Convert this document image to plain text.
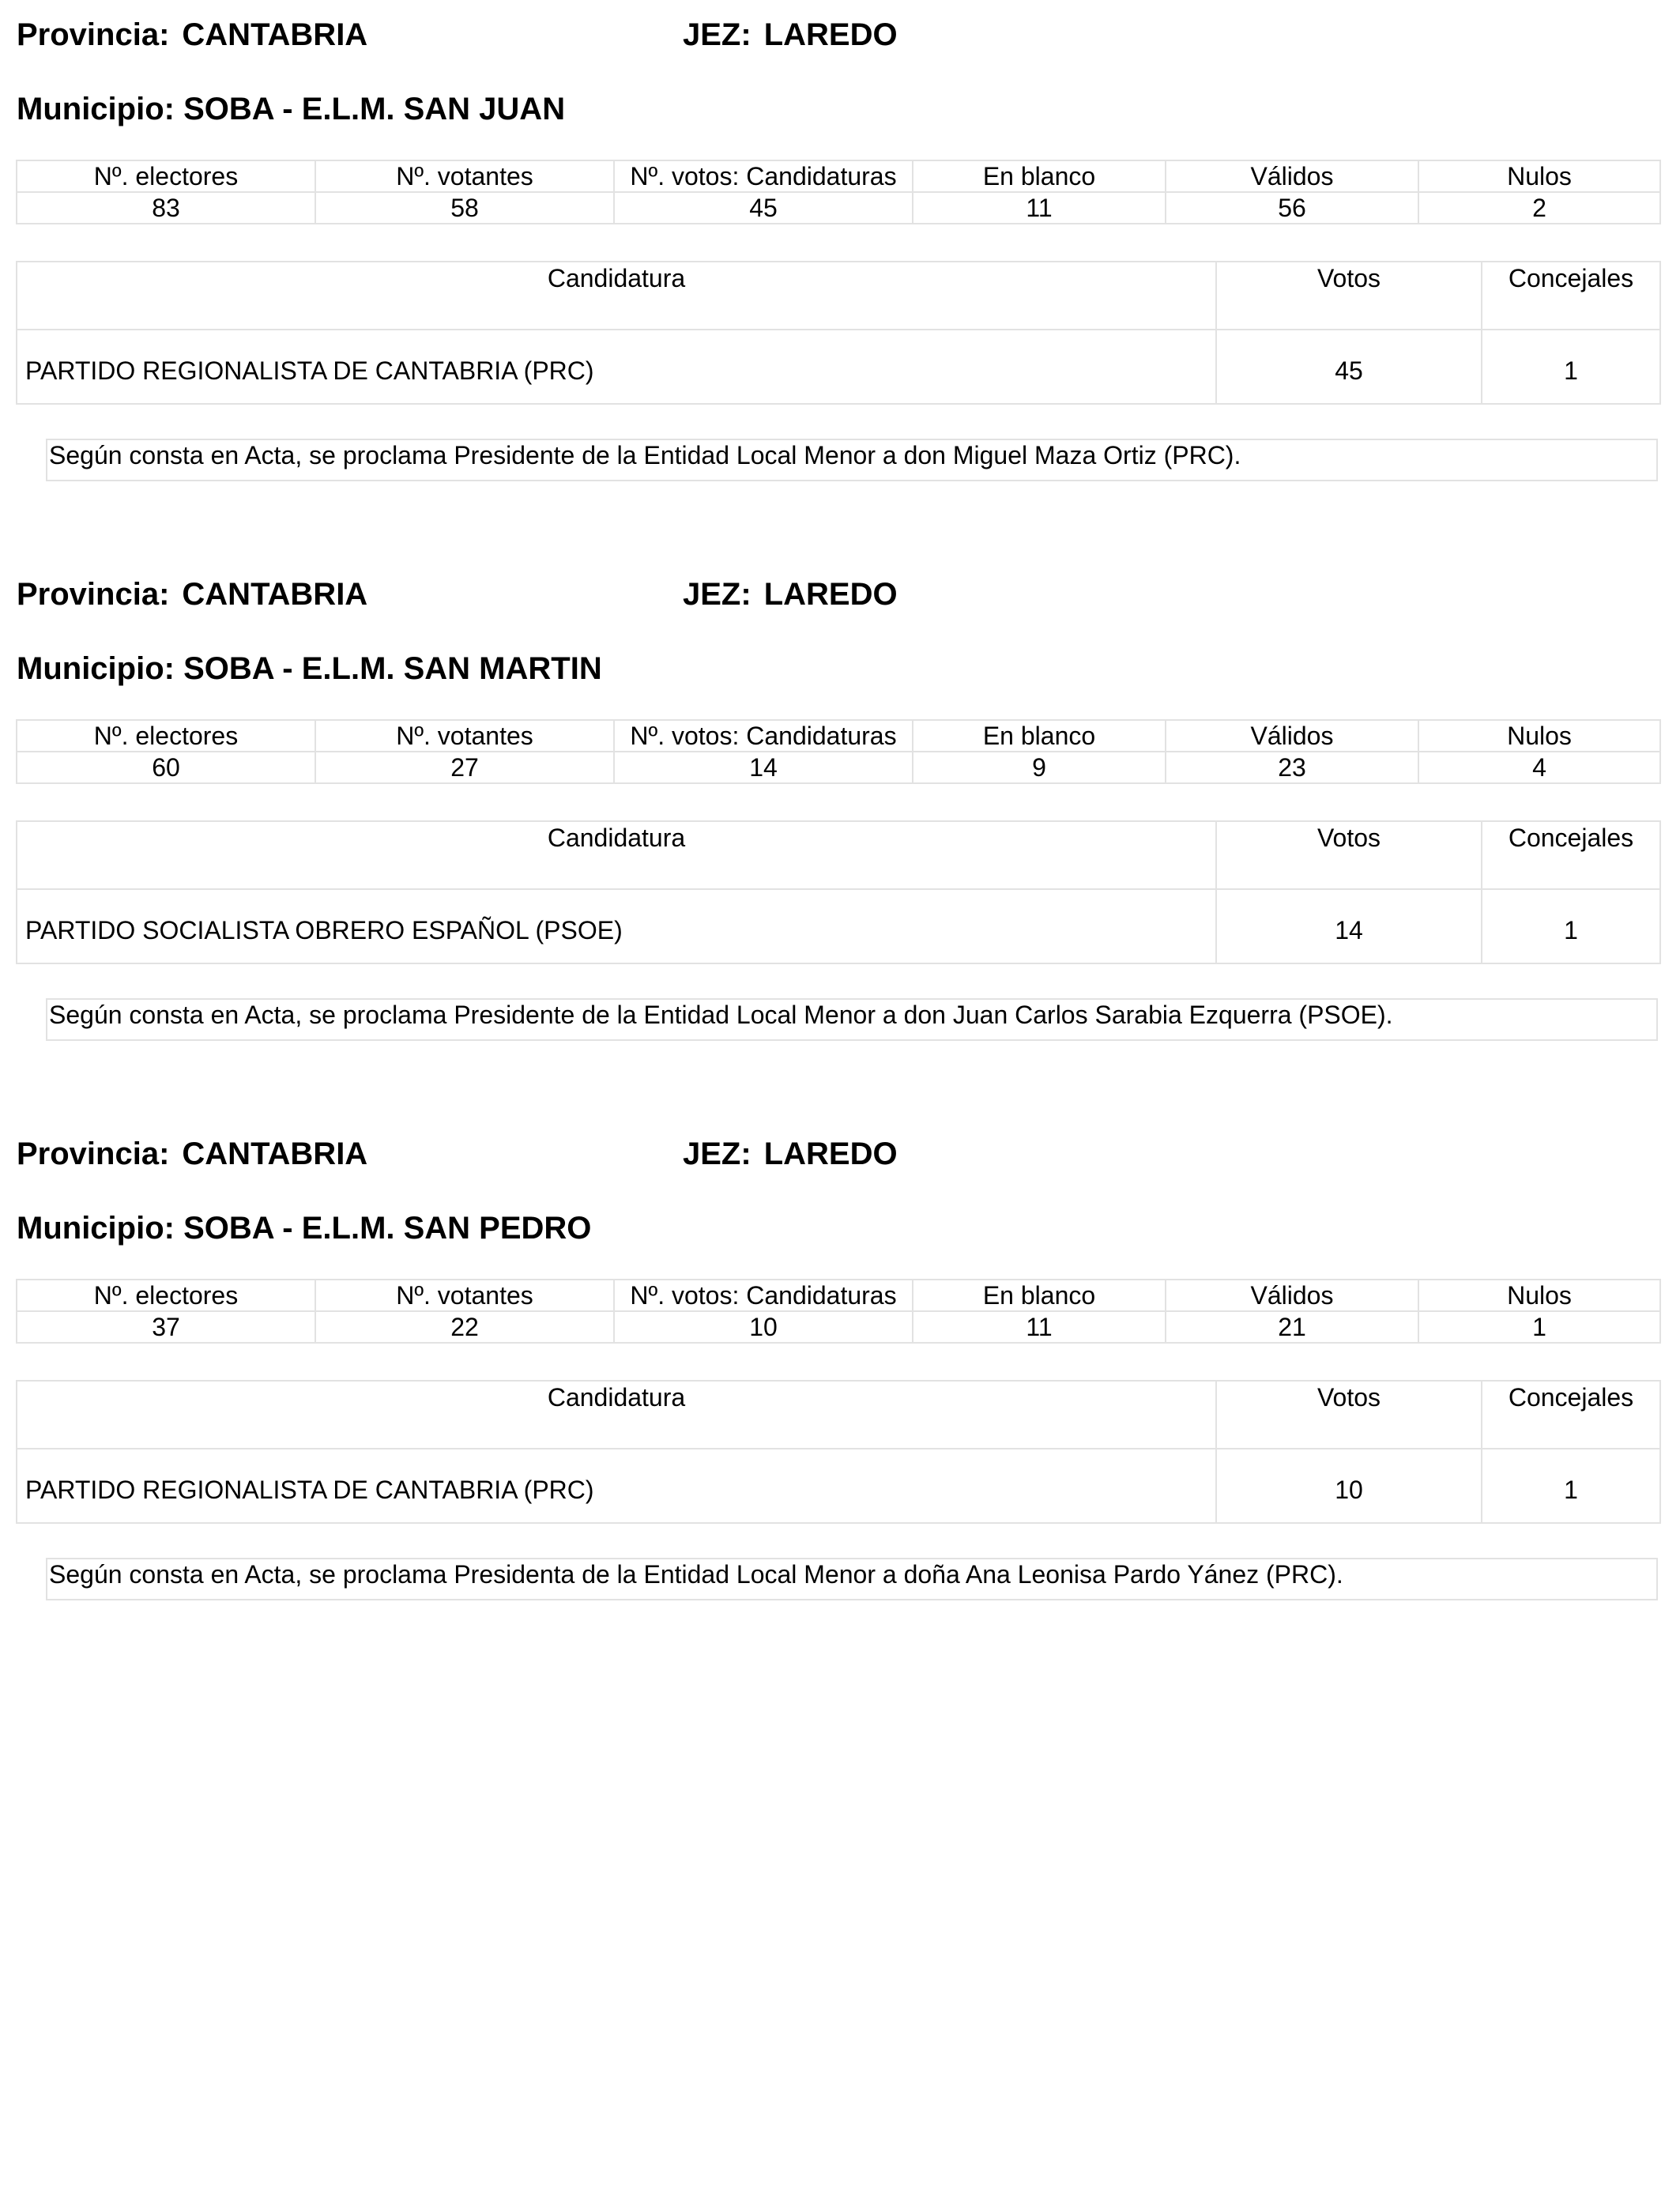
Provincia: CANTABRIA	JEZ: LAREDO
Municipio: SOBA - E.L.M. SAN JUAN
Nº. electores	Nº. votantes	Nº. votos: Candidaturas	En blanco	Válidos	Nulos
83	58	45	11	56	2
Candidatura	Votos	Concejales
PARTIDO REGIONALISTA DE CANTABRIA (PRC)	45	1
Según consta en Acta, se proclama Presidente de la Entidad Local Menor a don Miguel Maza Ortiz (PRC).
Provincia: CANTABRIA	JEZ: LAREDO
Municipio: SOBA - E.L.M. SAN MARTIN
Nº. electores	Nº. votantes	Nº. votos: Candidaturas	En blanco	Válidos	Nulos
60	27	14	9	23	4
Candidatura	Votos	Concejales
PARTIDO SOCIALISTA OBRERO ESPAÑOL (PSOE)	14	1
Según consta en Acta, se proclama Presidente de la Entidad Local Menor a don Juan Carlos Sarabia Ezquerra (PSOE).
Provincia: CANTABRIA	JEZ: LAREDO
Municipio: SOBA - E.L.M. SAN PEDRO
Nº. electores	Nº. votantes	Nº. votos: Candidaturas	En blanco	Válidos	Nulos
37	22	10	11	21	1
Candidatura	Votos	Concejales
PARTIDO REGIONALISTA DE CANTABRIA (PRC)	10	1
Según consta en Acta, se proclama Presidenta de la Entidad Local Menor a doña Ana Leonisa Pardo Yánez (PRC).
